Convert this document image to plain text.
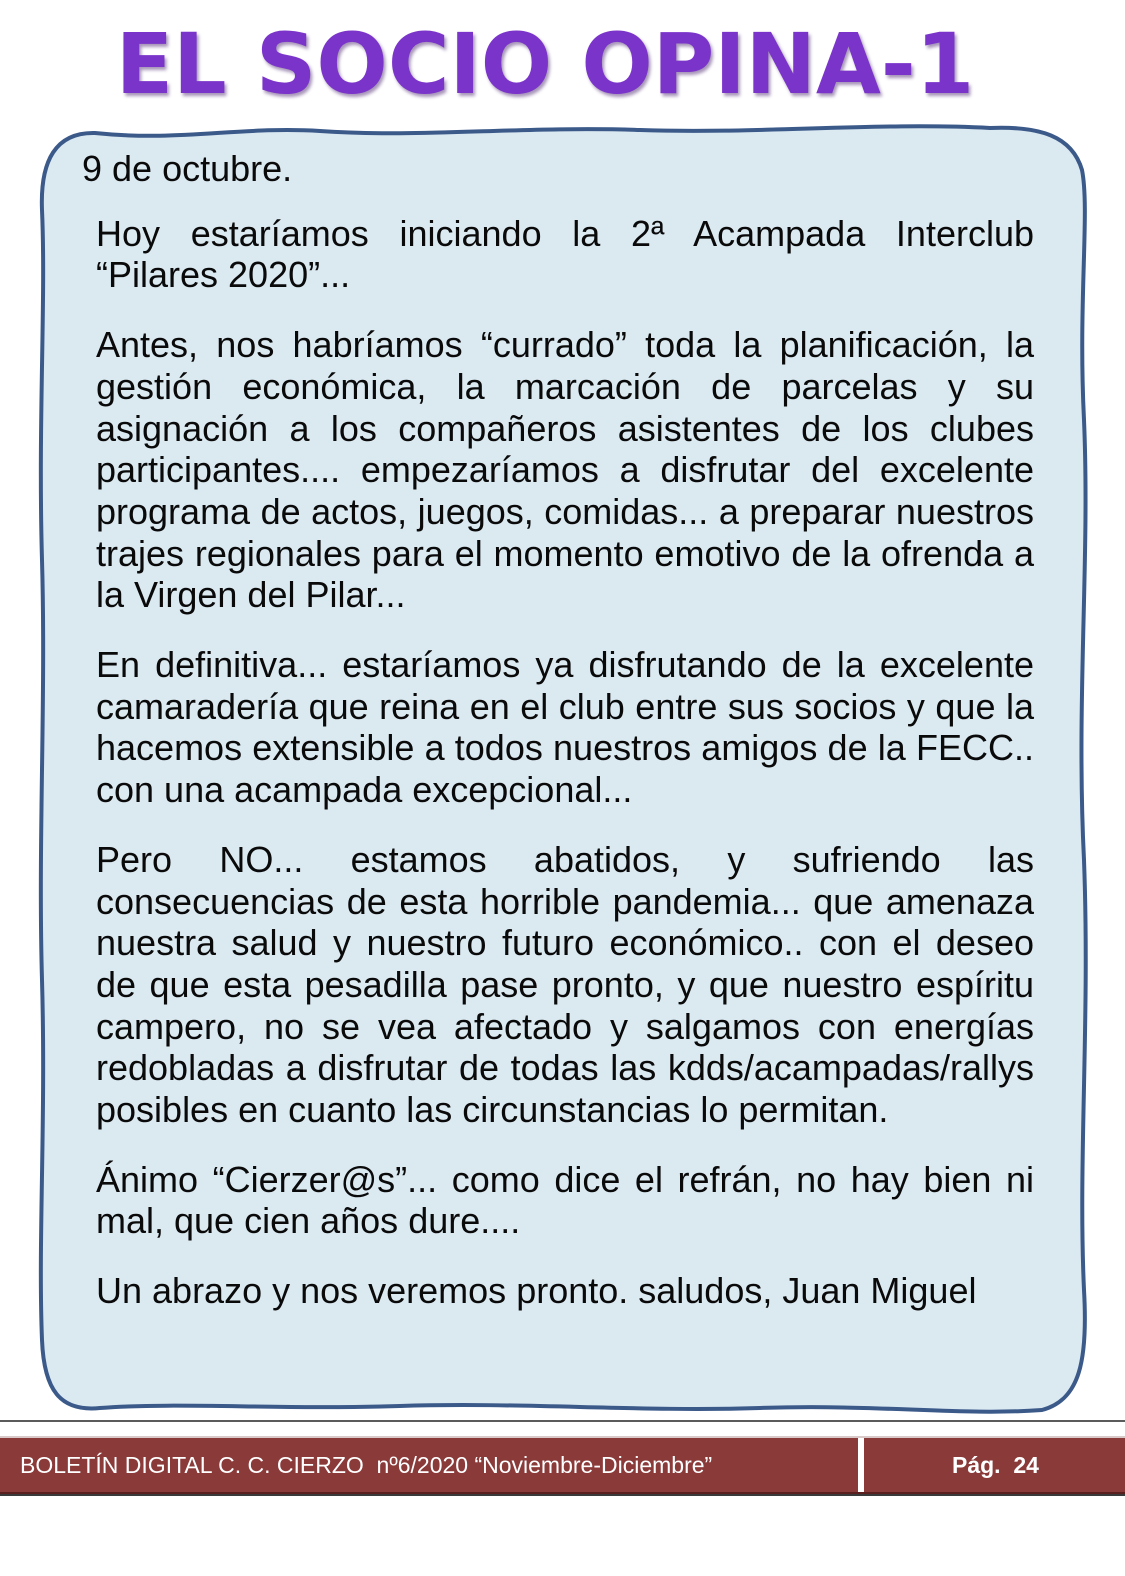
EL SOCIO OPINA-1

9 de octubre.

Hoy estaríamos iniciando la 2ª Acampada Interclub “Pilares 2020”...

Antes, nos habríamos “currado” toda la planificación, la gestión económica, la marcación de parcelas y su asignación a los compañeros asistentes de los clubes participantes.... empezaríamos a disfrutar del excelente programa de actos, juegos, comidas... a preparar nuestros trajes regionales para el momento emotivo de la ofrenda a la Virgen del Pilar...

En definitiva... estaríamos ya disfrutando de la excelente camaradería que reina en el club entre sus socios y que la hacemos extensible a todos nuestros amigos de la FECC.. con una acampada excepcional...

Pero NO... estamos abatidos, y sufriendo las consecuencias de esta horrible pandemia... que amenaza nuestra salud y nuestro futuro económico.. con el deseo de que esta pesadilla pase pronto, y que nuestro espíritu campero, no se vea afectado y salgamos con energías redobladas a disfrutar de todas las kdds/acampadas/rallys posibles en cuanto las circunstancias lo permitan.

Ánimo “Cierzer@s”... como dice el refrán, no hay bien ni mal, que cien años dure....

Un abrazo y nos veremos pronto. saludos, Juan Miguel

BOLETÍN DIGITAL C. C. CIERZO  nº6/2020 “Noviembre-Diciembre”	Pág.  24
